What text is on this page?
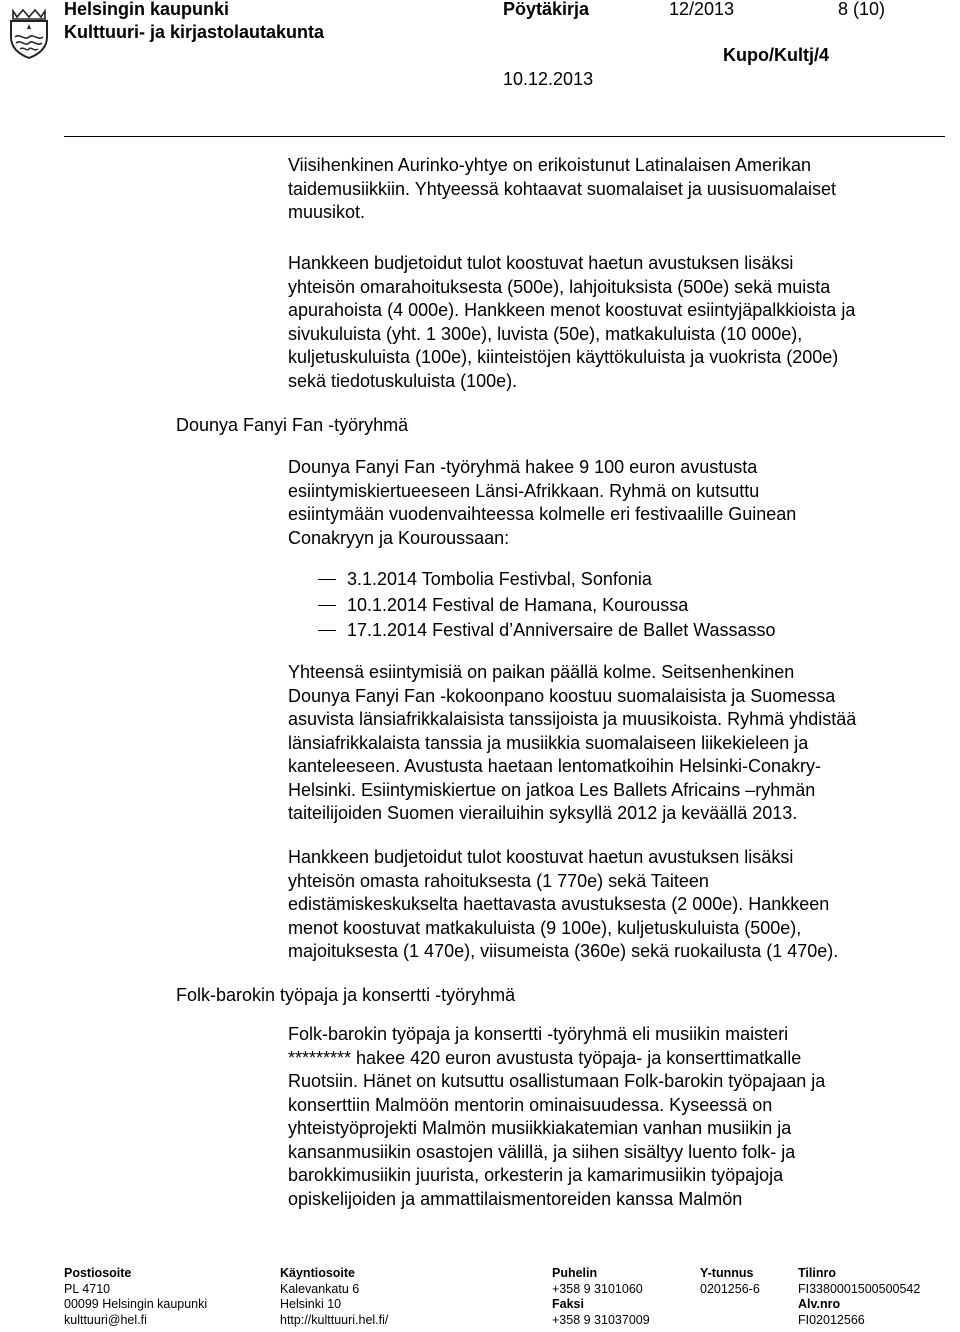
Helsingin kaupunki
Kulttuuri- ja kirjastolautakunta
Pöytäkirja	12/2013	8 (10)
Kupo/Kultj/4
10.12.2013
Viisihenkinen Aurinko-yhtye on erikoistunut Latinalaisen Amerikan
taidemusiikkiin. Yhtyeessä kohtaavat suomalaiset ja uusisuomalaiset
muusikot.
Hankkeen budjetoidut tulot koostuvat haetun avustuksen lisäksi
yhteisön omarahoituksesta (500e), lahjoituksista (500e) sekä muista
apurahoista (4 000e). Hankkeen menot koostuvat esiintyjäpalkkioista ja
sivukuluista (yht. 1 300e), luvista (50e), matkakuluista (10 000e),
kuljetuskuluista (100e), kiinteistöjen käyttökuluista ja vuokrista (200e)
sekä tiedotuskuluista (100e).
Dounya Fanyi Fan -työryhmä
Dounya Fanyi Fan -työryhmä hakee 9 100 euron avustusta
esiintymiskiertueeseen Länsi-Afrikkaan. Ryhmä on kutsuttu
esiintymään vuodenvaihteessa kolmelle eri festivaalille Guinean
Conakryyn ja Kouroussaan:
3.1.2014 Tombolia Festivbal, Sonfonia
10.1.2014 Festival de Hamana, Kouroussa
17.1.2014 Festival d’Anniversaire de Ballet Wassasso
Yhteensä esiintymisiä on paikan päällä kolme. Seitsenhenkinen
Dounya Fanyi Fan -kokoonpano koostuu suomalaisista ja Suomessa
asuvista länsiafrikkalaisista tanssijoista ja muusikoista. Ryhmä yhdistää
länsiafrikkalaista tanssia ja musiikkia suomalaiseen liikekieleen ja
kanteleeseen. Avustusta haetaan lentomatkoihin Helsinki-Conakry-
Helsinki. Esiintymiskiertue on jatkoa Les Ballets Africains –ryhmän
taiteilijoiden Suomen vierailuihin syksyllä 2012 ja keväällä 2013.
Hankkeen budjetoidut tulot koostuvat haetun avustuksen lisäksi
yhteisön omasta rahoituksesta (1 770e) sekä Taiteen
edistämiskeskukselta haettavasta avustuksesta (2 000e). Hankkeen
menot koostuvat matkakuluista (9 100e), kuljetuskuluista (500e),
majoituksesta (1 470e), viisumeista (360e) sekä ruokailusta (1 470e).
Folk-barokin työpaja ja konsertti -työryhmä
Folk-barokin työpaja ja konsertti -työryhmä eli musiikin maisteri
********* hakee 420 euron avustusta työpaja- ja konserttimatkalle
Ruotsiin. Hänet on kutsuttu osallistumaan Folk-barokin työpajaan ja
konserttiin Malmöön mentorin ominaisuudessa. Kyseessä on
yhteistyöprojekti Malmön musiikkiakatemian vanhan musiikin ja
kansanmusiikin osastojen välillä, ja siihen sisältyy luento folk- ja
barokkimusiikin juurista, orkesterin ja kamarimusiikin työpajoja
opiskelijoiden ja ammattilaismentoreiden kanssa Malmön
Postiosoite
PL 4710
00099 Helsingin kaupunki
kulttuuri@hel.fi
Käyntiosoite
Kalevankatu 6
Helsinki 10
http://kulttuuri.hel.fi/
Puhelin
+358 9 3101060
Faksi
+358 9 31037009
Y-tunnus
0201256-6
Tilinro
FI3380001500500542
Alv.nro
FI02012566
